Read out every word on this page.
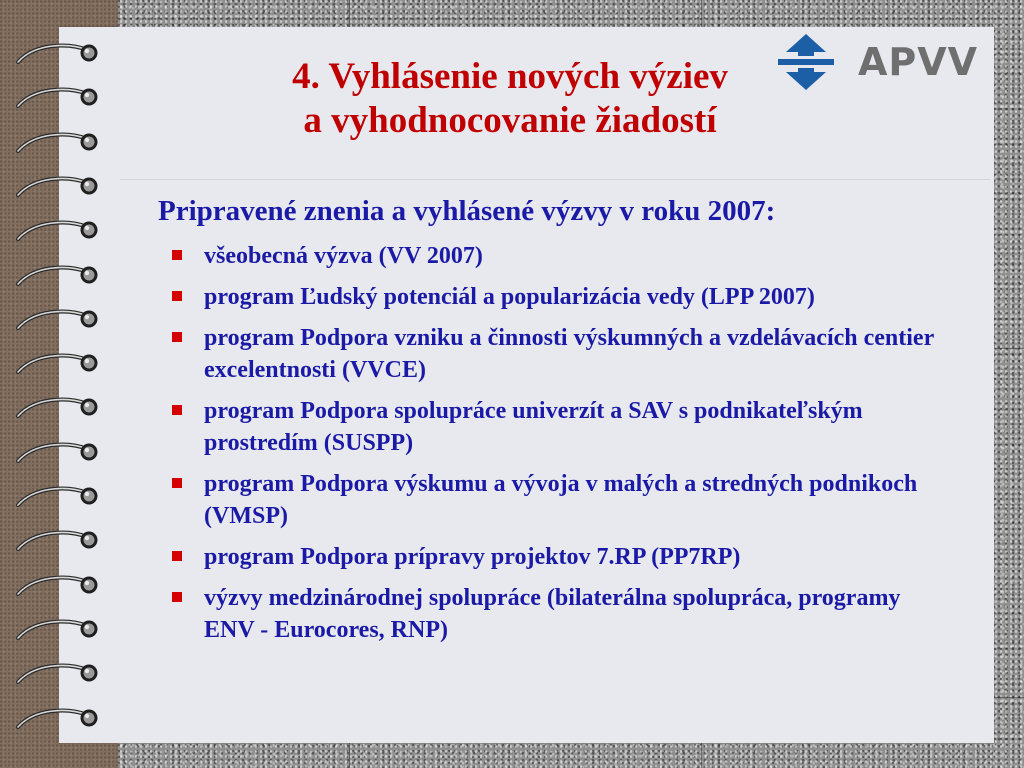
4. Vyhlásenie nových výziev
a vyhodnocovanie žiadostí
APVV
Pripravené znenia a vyhlásené výzvy v roku 2007:
všeobecná výzva (VV 2007)
program Ľudský potenciál a popularizácia vedy (LPP 2007)
program Podpora vzniku a činnosti výskumných a vzdelávacích centier excelentnosti (VVCE)
program Podpora spolupráce univerzít a SAV s podnikateľským prostredím (SUSPP)
program Podpora výskumu a vývoja v malých a stredných podnikoch (VMSP)
program Podpora prípravy projektov 7.RP (PP7RP)
výzvy medzinárodnej spolupráce (bilaterálna spolupráca, programy ENV - Eurocores, RNP)
